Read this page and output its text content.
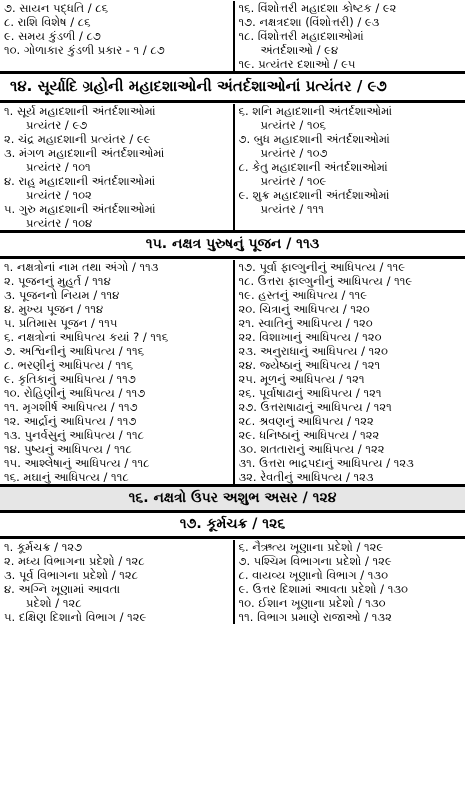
૭. સાયન પદ્ધતિ / ૮૬
૮. રાશિ વિશેષ / ૮૬
૯. સમય કુંડળી / ૮૭
૧૦. ગોળાકાર કુંડળી પ્રકાર - ૧ / ૮૭
૧૬. વિંશોત્તરી મહાદશા કોષ્ટક / ૯૨
૧૭. નક્ષત્રદશા (વિંશોત્તરી) / ૯૩
૧૮. વિંશોત્તરી મહાદશાઓમાં
અંતર્દશાઓ / ૯૪
૧૯. પ્રત્યંતર દશાઓ / ૯૫
૧૪. સૂર્યાદિ ગ્રહોની મહાદશાઓની અંતર્દશાઓનાં પ્રત્યંતર / ૯૭
૧. સૂર્ય મહાદશાની અંતર્દશાઓમાં
પ્રત્યંતર / ૯૭
૨. ચંદ્ર મહાદશાની પ્રત્યંતર / ૯૯
૩. મંગળ મહાદશાની અંતર્દશાઓમાં
પ્રત્યંતર / ૧૦૧
૪. રાહુ મહાદશાની અંતર્દશાઓમાં
પ્રત્યંતર / ૧૦૨
૫. ગુરુ મહાદશાની અંતર્દશાઓમાં
પ્રત્યંતર / ૧૦૪
૬. શનિ મહાદશાની અંતર્દશાઓમાં
પ્રત્યંતર / ૧૦૬
૭. બુધ મહાદશાની અંતર્દશાઓમાં
પ્રત્યંતર / ૧૦૭
૮. કેતુ મહાદશાની અંતર્દશાઓમાં
પ્રત્યંતર / ૧૦૯
૯. શુક્ર મહાદશાની અંતર્દશાઓમાં
પ્રત્યંતર / ૧૧૧
૧૫. નક્ષત્ર પુરુષનું પૂજન / ૧૧૩
૧. નક્ષત્રોનાં નામ તથા અંગો / ૧૧૩
૨. પૂજનનું મુહૂર્ત / ૧૧૪
૩. પૂજનનો નિયમ / ૧૧૪
૪. મુખ્ય પૂજન / ૧૧૪
૫. પ્રતિમાસ પૂજન / ૧૧૫
૬. નક્ષત્રોનાં આધિપત્ય કયાં ? / ૧૧૬
૭. અશ્વિનીનું આધિપત્ય / ૧૧૬
૮. ભરણીનું આધિપત્ય / ૧૧૬
૯. કૃતિકાનું આધિપત્ય / ૧૧૭
૧૦. રોહિણીનું આધિપત્ય / ૧૧૭
૧૧. મૃગશીર્ષ આધિપત્ય / ૧૧૭
૧૨. આર્દ્રાનું આધિપત્ય / ૧૧૭
૧૩. પુનર્વસુનું આધિપત્ય / ૧૧૮
૧૪. પુષ્યનું આધિપત્ય / ૧૧૮
૧૫. આશ્લેષાનું આધિપત્ય / ૧૧૮
૧૬. મઘાનું આધિપત્ય / ૧૧૮
૧૭. પૂર્વા ફાલ્ગુનીનું આધિપત્ય / ૧૧૯
૧૮. ઉત્તરા ફાલ્ગુનીનું આધિપત્ય / ૧૧૯
૧૯. હસ્તનું આધિપત્ય / ૧૧૯
૨૦. ચિત્રાનું આધિપત્ય / ૧૨૦
૨૧. સ્વાતિનું આધિપત્ય / ૧૨૦
૨૨. વિશાખાનું આધિપત્ય / ૧૨૦
૨૩. અનુરાધાનું આધિપત્ય / ૧૨૦
૨૪. જ્યેષ્ઠાનું આધિપત્ય / ૧૨૧
૨૫. મૂળનું આધિપત્ય / ૧૨૧
૨૬. પૂર્વાષાઢાનું આધિપત્ય / ૧૨૧
૨૭. ઉત્તરાષાઢાનું આધિપત્ય / ૧૨૧
૨૮. શ્રવણનું આધિપત્ય / ૧૨૨
૨૯. ધનિષ્ઠાનું આધિપત્ય / ૧૨૨
૩૦. શતતારાનું આધિપત્ય / ૧૨૨
૩૧. ઉત્તરા ભાદ્રપદાનું આધિપત્ય / ૧૨૩
૩૨. રેવતીનું આધિપત્ય / ૧૨૩
૧૬. નક્ષત્રો ઉપર અશુભ અસર / ૧૨૪
૧૭. કૂર્મચક્ર / ૧૨૬
૧. કૂર્મચક્ર / ૧૨૭
૨. મધ્ય વિભાગના પ્રદેશો / ૧૨૮
૩. પૂર્વ વિભાગના પ્રદેશો / ૧૨૮
૪. અગ્નિ ખૂણામાં આવતા
પ્રદેશો / ૧૨૮
૫. દક્ષિણ દિશાનો વિભાગ / ૧૨૯
૬. નૈઋત્ય ખૂણાના પ્રદેશો / ૧૨૯
૭. પશ્ચિમ વિભાગના પ્રદેશો / ૧૨૯
૮. વાયવ્ય ખૂણાનો વિભાગ / ૧૩૦
૯. ઉત્તર દિશામાં આવતા પ્રદેશો / ૧૩૦
૧૦. ઈશાન ખૂણાના પ્રદેશો / ૧૩૦
૧૧. વિભાગ પ્રમાણે રાજાઓ / ૧૩૨
